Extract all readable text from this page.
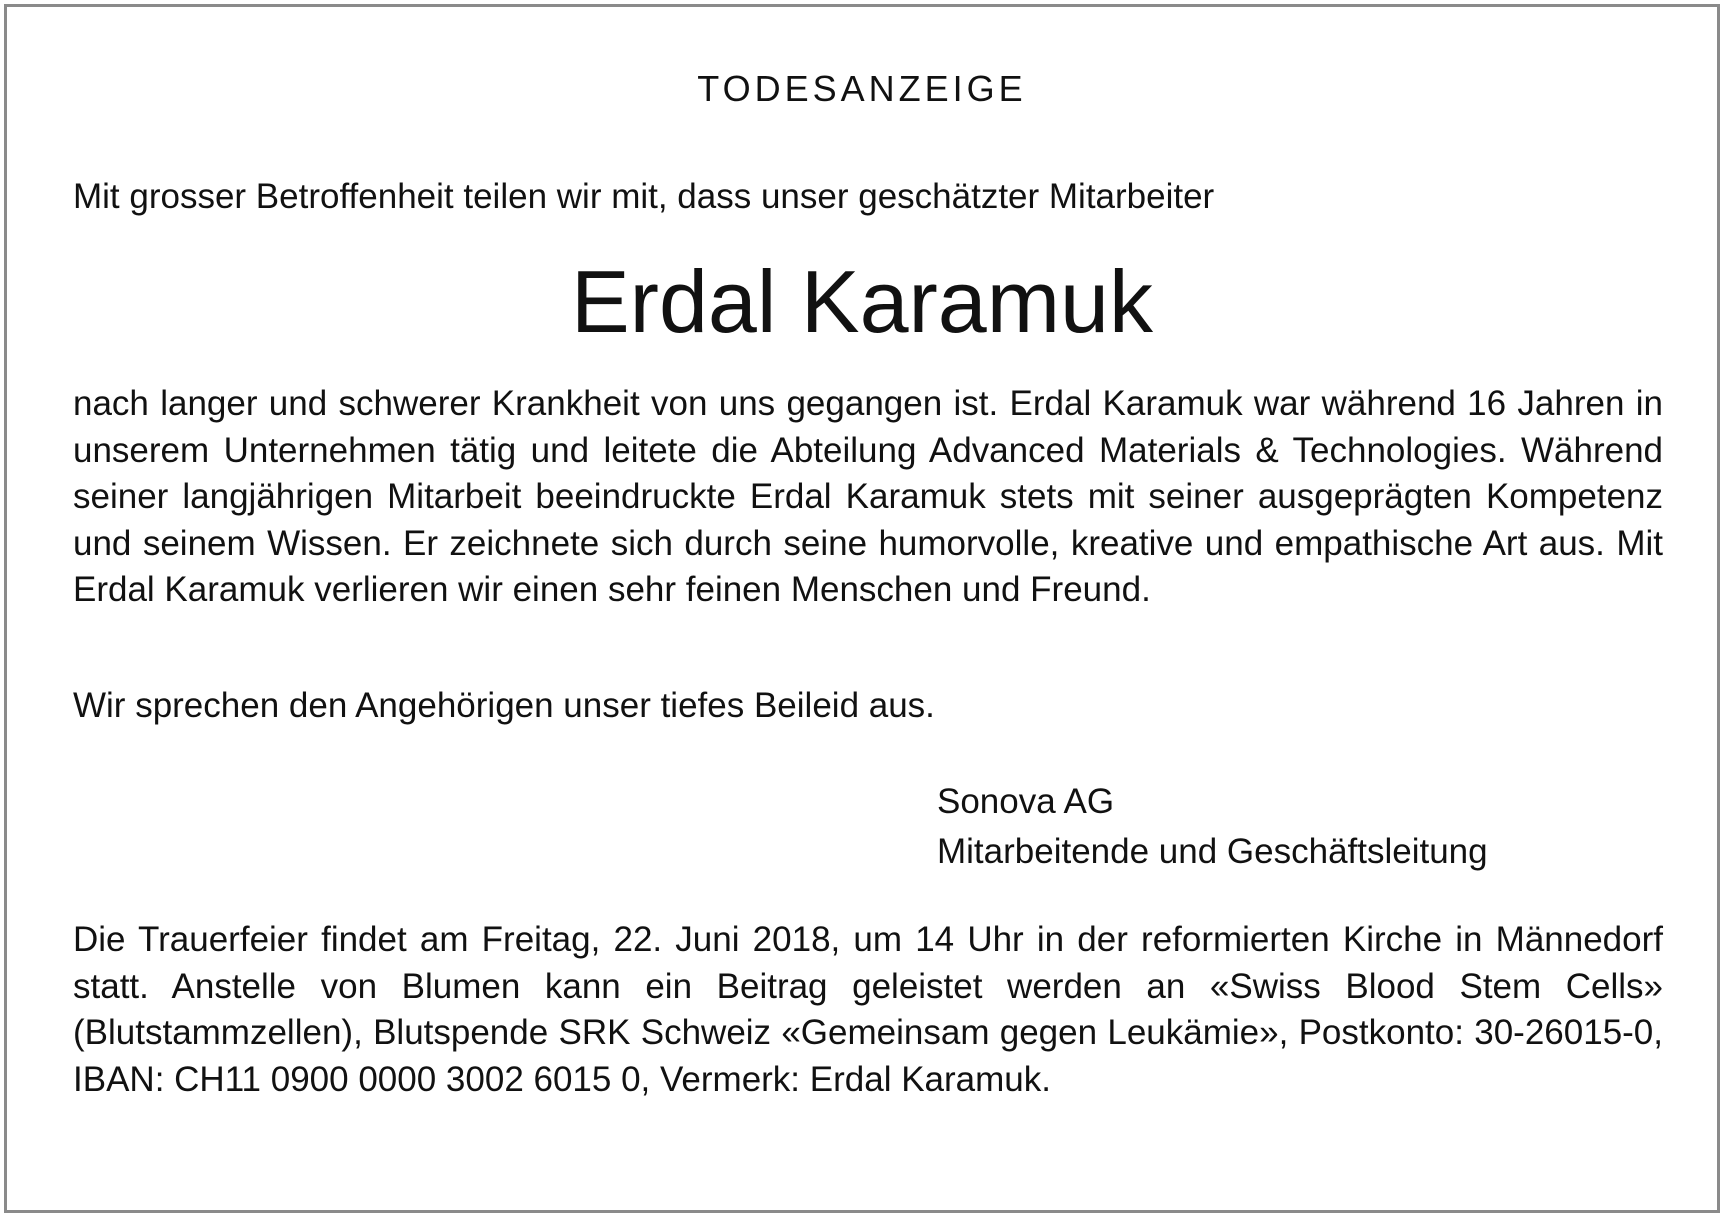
TODESANZEIGE
Mit grosser Betroffenheit teilen wir mit, dass unser geschätzter Mitarbeiter
Erdal Karamuk
nach langer und schwerer Krankheit von uns gegangen ist. Erdal Karamuk war während 16 Jahren in unserem Unternehmen tätig und leitete die Abteilung Advanced Materials & Technologies. Während seiner langjährigen Mitarbeit beeindruckte Erdal Karamuk stets mit seiner ausgeprägten Kompetenz und seinem Wissen. Er zeichnete sich durch seine humorvolle, kreative und empathische Art aus. Mit Erdal Karamuk verlieren wir einen sehr feinen Menschen und Freund.
Wir sprechen den Angehörigen unser tiefes Beileid aus.
Sonova AG
Mitarbeitende und Geschäftsleitung
Die Trauerfeier findet am Freitag, 22. Juni 2018, um 14 Uhr in der reformierten Kirche in Männedorf statt. Anstelle von Blumen kann ein Beitrag geleistet werden an «Swiss Blood Stem Cells» (Blutstammzellen), Blutspende SRK Schweiz «Gemeinsam gegen Leukämie», Postkonto: 30-26015-0, IBAN: CH11 0900 0000 3002 6015 0, Vermerk: Erdal Karamuk.
